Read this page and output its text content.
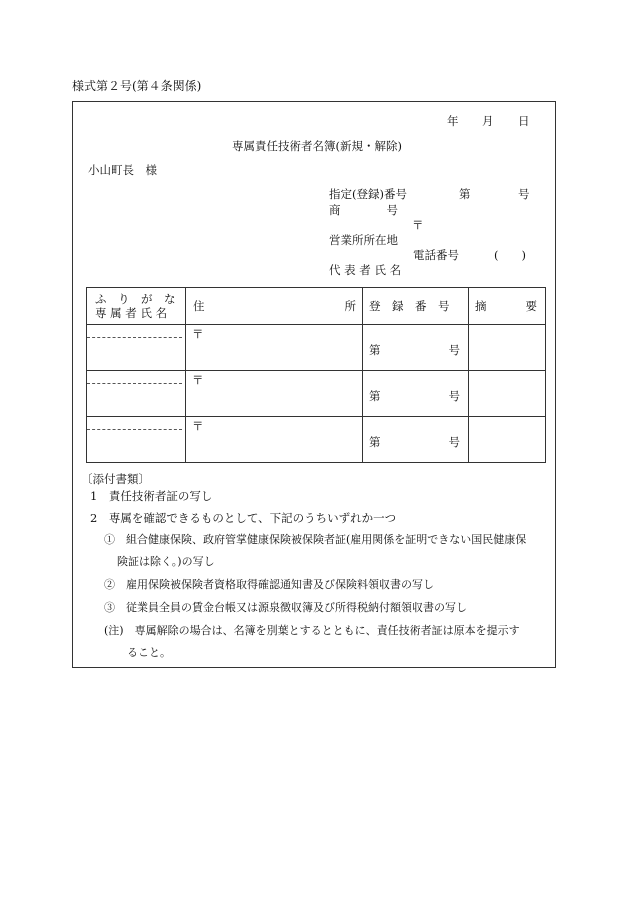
様式第２号(第４条関係)
年 月 日
専属責任技術者名簿(新規・解除)
小山町長　様
指定(登録)番号	第	号
商　　　　号
〒
営業所所在地
電話番号	(　　)
代 表 者 氏 名
ふ　り　が　な
専 属 者 氏 名	住 所	登　録　番　号	摘 要

	〒	第 号	

	〒	第 号	

	〒	第 号	

〔添付書類〕
1　責任技術者証の写し
2　専属を確認できるものとして、下記のうちいずれか一つ
①　組合健康保険、政府管掌健康保険被保険者証(雇用関係を証明できない国民健康保
険証は除く。)の写し
②　雇用保険被保険者資格取得確認通知書及び保険料領収書の写し
③　従業員全員の賃金台帳又は源泉徴収簿及び所得税納付額領収書の写し
(注)　専属解除の場合は、名簿を別葉とするとともに、責任技術者証は原本を提示す
ること。
